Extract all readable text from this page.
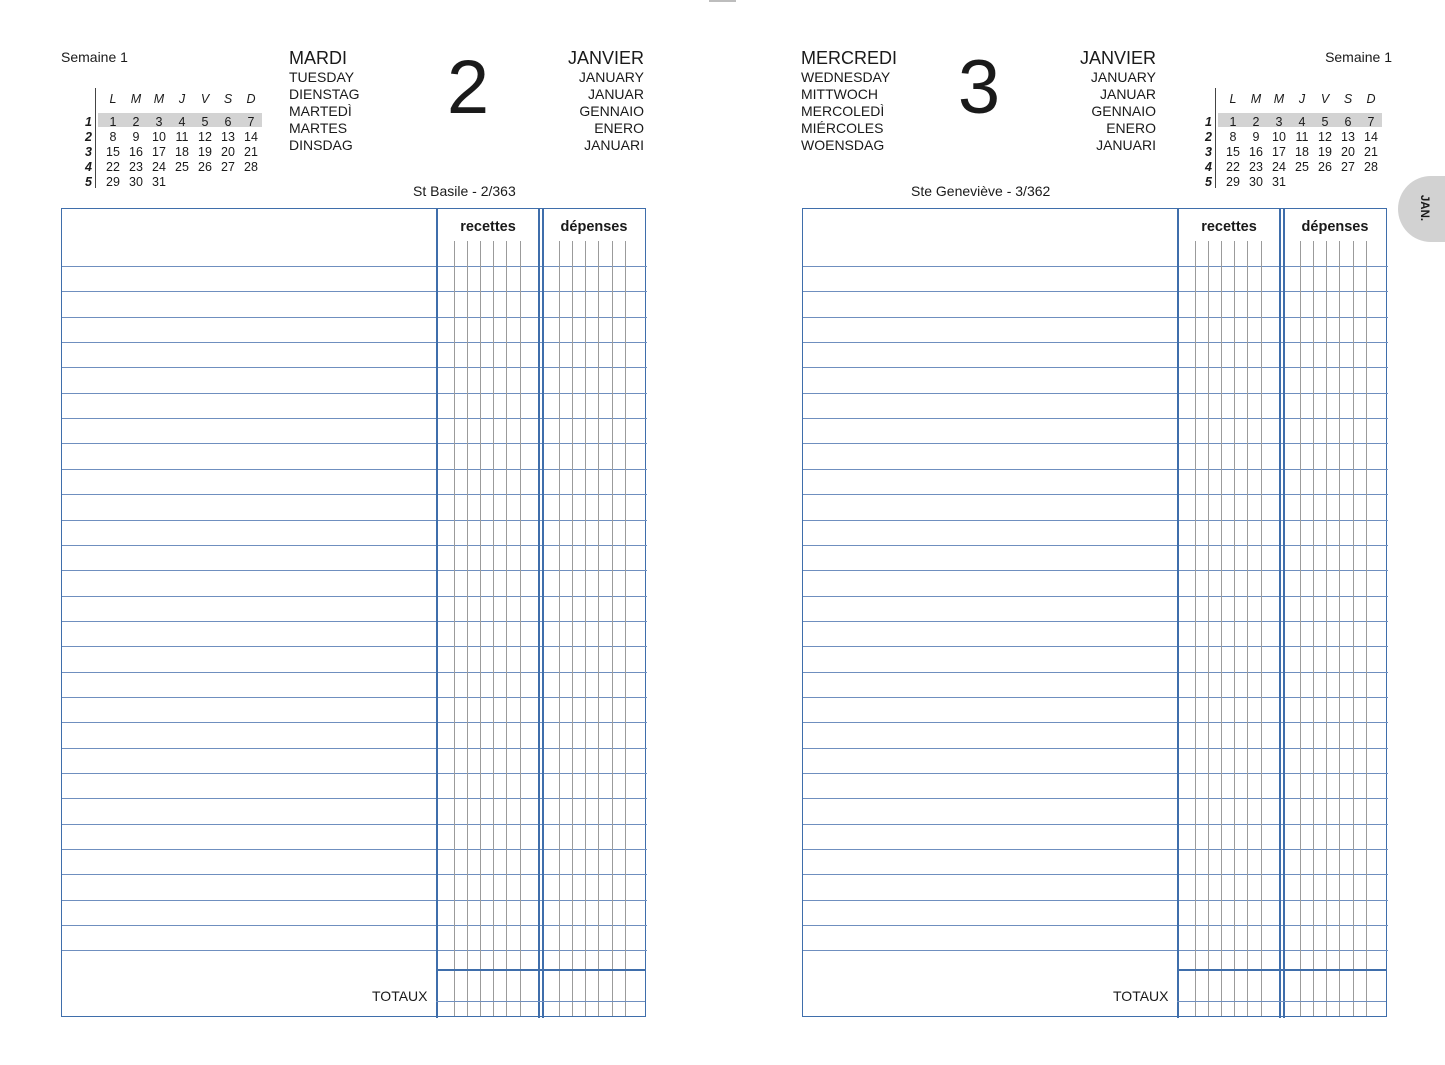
Semaine 1
L	M	M	J	V	S	D
1	1	2	3	4	5	6	7
2	8	9	10 11 12 13 14
3	15 16 17 18 19 20 21
4	22 23 24 25 26 27 28
5	29 30 31
MARDI
TUESDAY
DIENSTAG
MARTEDÌ
MARTES
DINSDAG
2	JANVIER
JANUARY
JANUAR
GENNAIO
ENERO
JANUARI
St Basile - 2/363
recettes	dépenses
TOTAUX
MERCREDI
WEDNESDAY
MITTWOCH
MERCOLEDÌ
MIÉRCOLES
WOENSDAG
3	JANVIER
JANUARY
JANUAR
GENNAIO
ENERO
JANUARI
Semaine 1
L	M	M	J	V	S	D
1	1	2	3	4	5	6	7
2	8	9	10 11 12 13 14
3	15 16 17 18 19 20 21
4	22 23 24 25 26 27 28
5	29 30 31
Ste Geneviève - 3/362
recettes	dépenses
TOTAUX
JAN.
